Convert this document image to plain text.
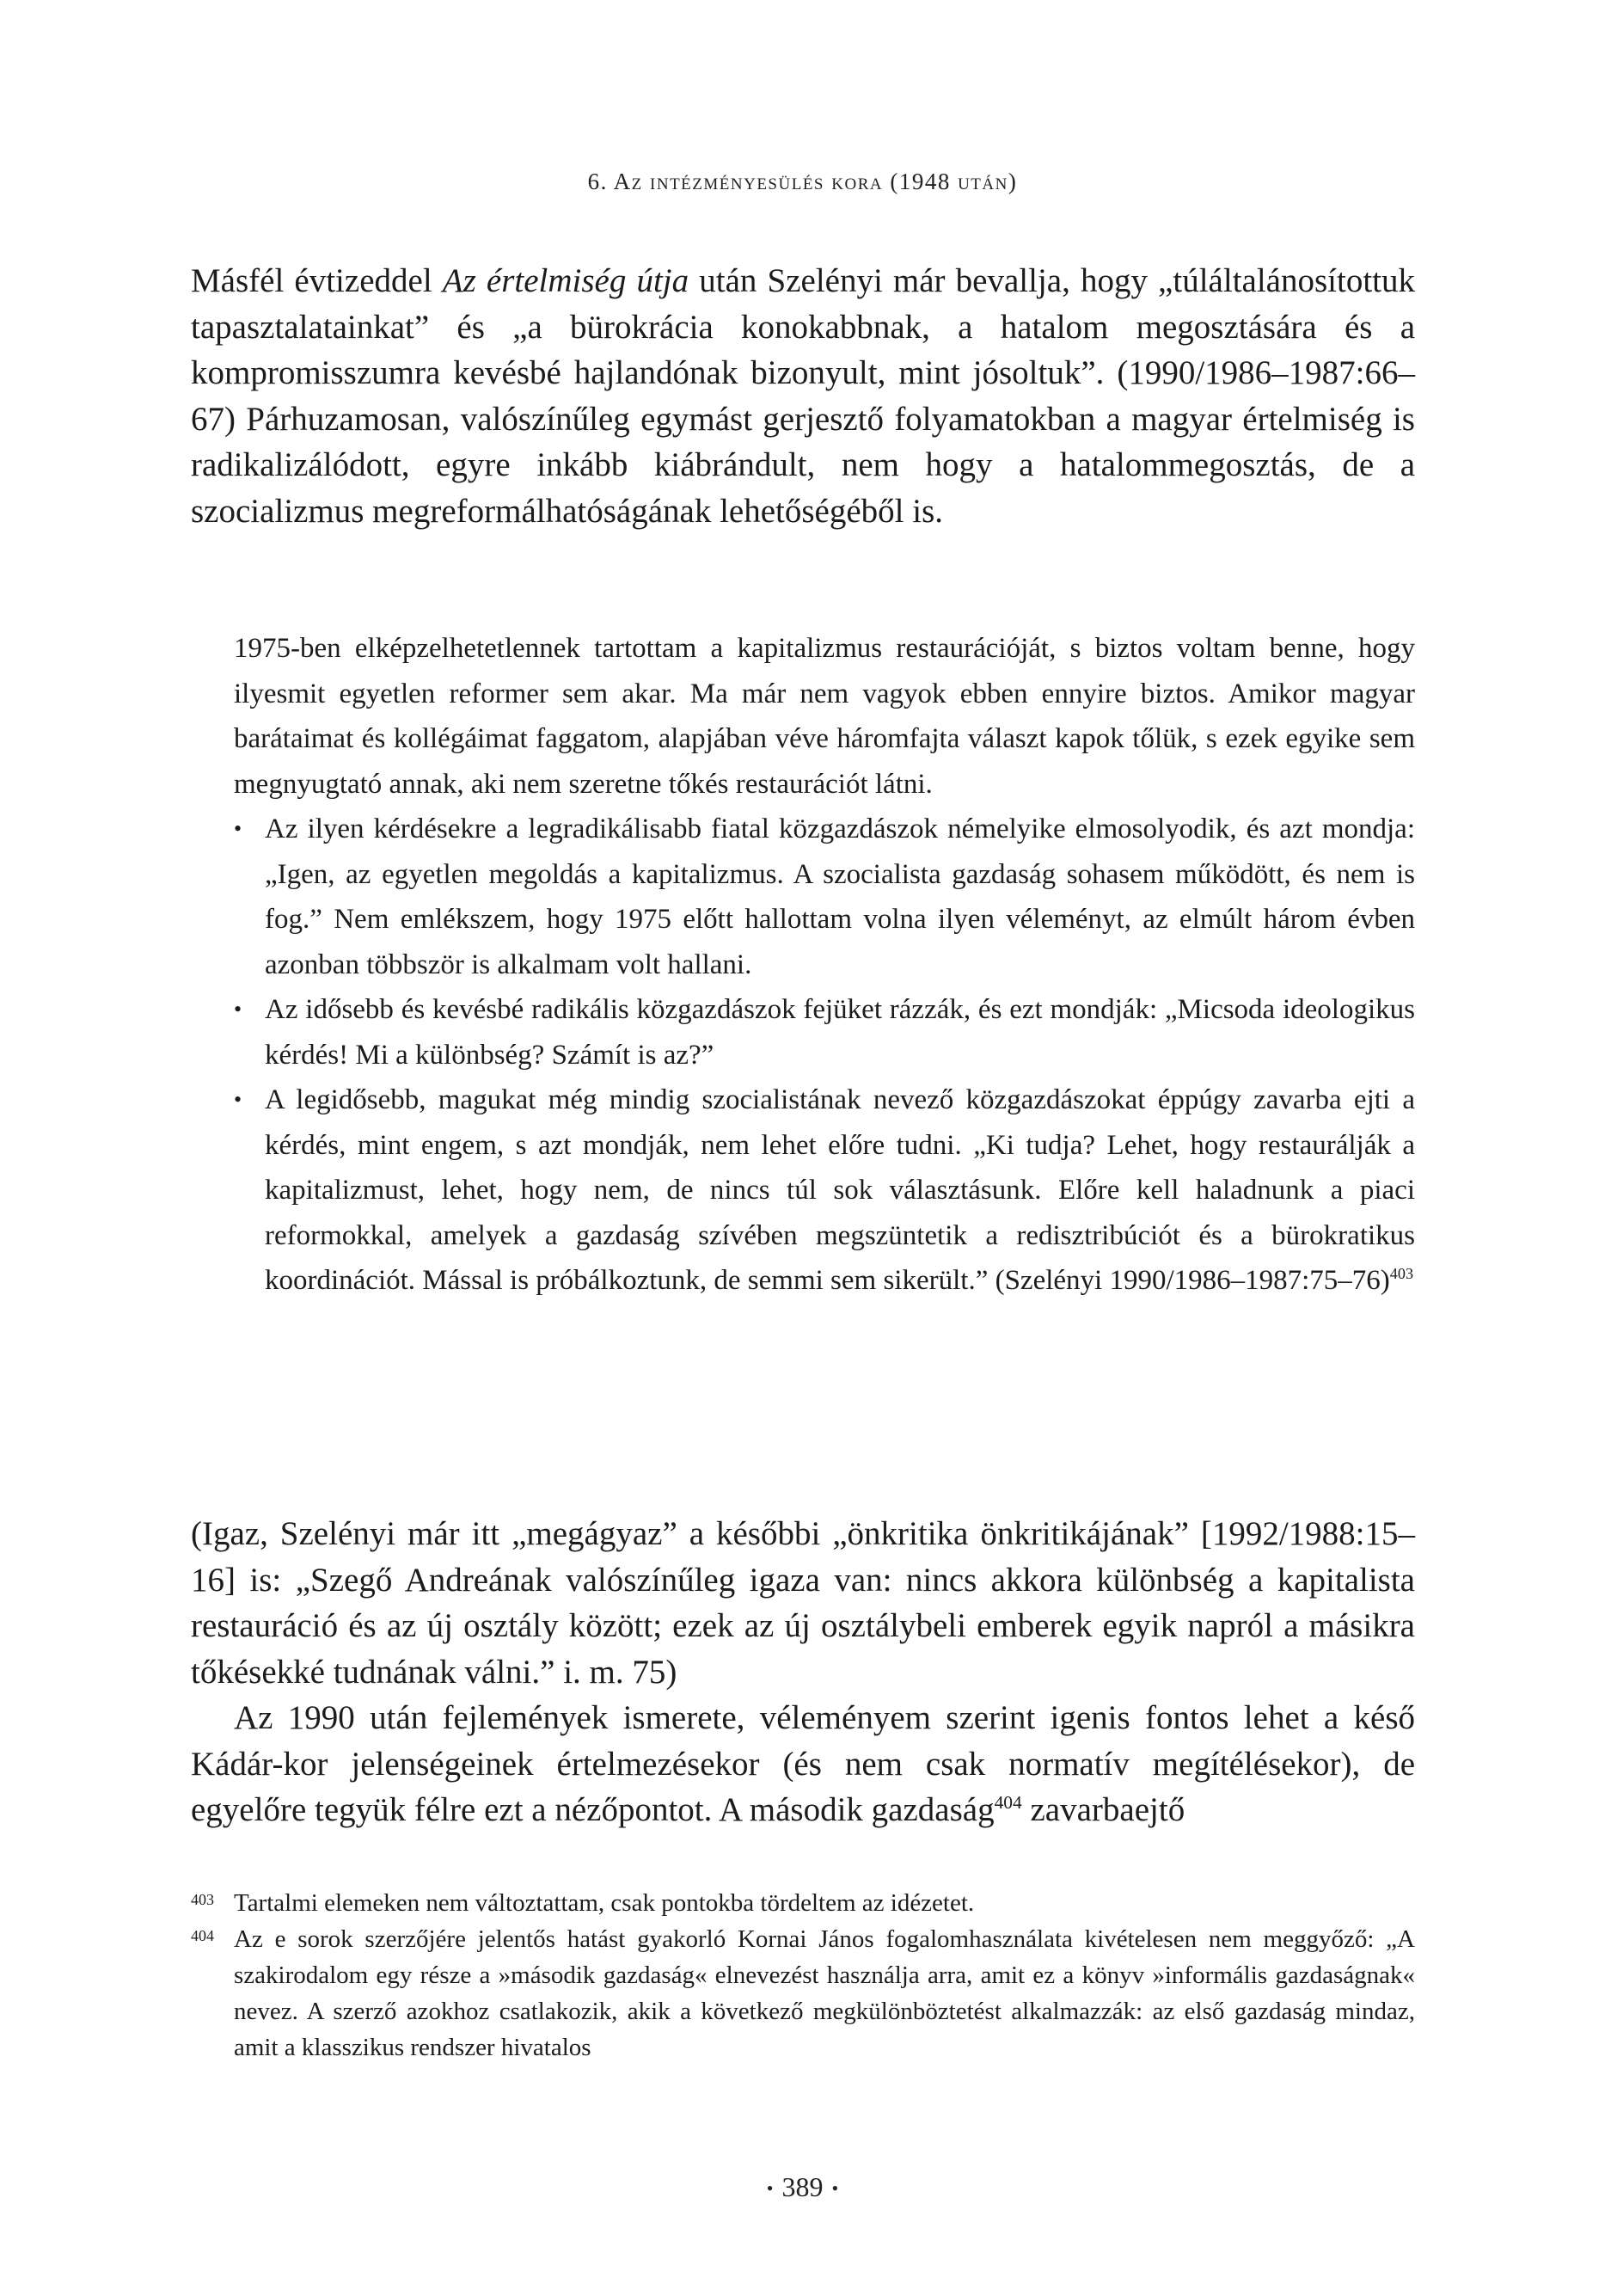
6. Az intézményesülés kora (1948 után)

Másfél évtizeddel Az értelmiség útja után Szelényi már bevallja, hogy „túláltalánosítottuk tapasztalatainkat” és „a bürokrácia konokabbnak, a hatalom megosztására és a kompromisszumra kevésbé hajlandónak bizonyult, mint jósoltuk”. (1990/1986–1987:66–67) Párhuzamosan, valószínűleg egymást gerjesztő folyamatokban a magyar értelmiség is radikalizálódott, egyre inkább kiábrándult, nem hogy a hatalommegosztás, de a szocializmus megreformálhatóságának lehetőségéből is.

1975-ben elképzelhetetlennek tartottam a kapitalizmus restaurációját, s biztos voltam benne, hogy ilyesmit egyetlen reformer sem akar. Ma már nem vagyok ebben ennyire biztos. Amikor magyar barátaimat és kollégáimat faggatom, alapjában véve háromfajta választ kapok tőlük, s ezek egyike sem megnyugtató annak, aki nem szeretne tőkés restaurációt látni.

• Az ilyen kérdésekre a legradikálisabb fiatal közgazdászok némelyike elmosolyodik, és azt mondja: „Igen, az egyetlen megoldás a kapitalizmus. A szocialista gazdaság sohasem működött, és nem is fog.” Nem emlékszem, hogy 1975 előtt hallottam volna ilyen véleményt, az elmúlt három évben azonban többször is alkalmam volt hallani.
• Az idősebb és kevésbé radikális közgazdászok fejüket rázzák, és ezt mondják: „Micsoda ideologikus kérdés! Mi a különbség? Számít is az?”
• A legidősebb, magukat még mindig szocialistának nevező közgazdászokat éppúgy zavarba ejti a kérdés, mint engem, s azt mondják, nem lehet előre tudni. „Ki tudja? Lehet, hogy restaurálják a kapitalizmust, lehet, hogy nem, de nincs túl sok választásunk. Előre kell haladnunk a piaci reformokkal, amelyek a gazdaság szívében megszüntetik a redisztribúciót és a bürokratikus koordinációt. Mással is próbálkoztunk, de semmi sem sikerült.” (Szelényi 1990/1986–1987:75–76)$^{403}$

(Igaz, Szelényi már itt „megágyaz” a későbbi „önkritika önkritikájának” [1992/1988:15–16] is: „Szegő Andreának valószínűleg igaza van: nincs akkora különbség a kapitalista restauráció és az új osztály között; ezek az új osztálybeli emberek egyik napról a másikra tőkésekké tudnának válni.” i. m. 75)

Az 1990 után fejlemények ismerete, véleményem szerint igenis fontos lehet a késő Kádár-kor jelenségeinek értelmezésekor (és nem csak normatív megítélésekor), de egyelőre tegyük félre ezt a nézőpontot. A második gazdaság$^{404}$ zavarbaejtő

403 Tartalmi elemeken nem változtattam, csak pontokba tördeltem az idézetet.
404 Az e sorok szerzőjére jelentős hatást gyakorló Kornai János fogalomhasználata kivételesen nem meggyőző: „A szakirodalom egy része a »második gazdaság« elnevezést használja arra, amit ez a könyv »informális gazdaságnak« nevez. A szerző azokhoz csatlakozik, akik a következő megkülönböztetést alkalmazzák: az első gazdaság mindaz, amit a klasszikus rendszer hivatalos
• 389 •
